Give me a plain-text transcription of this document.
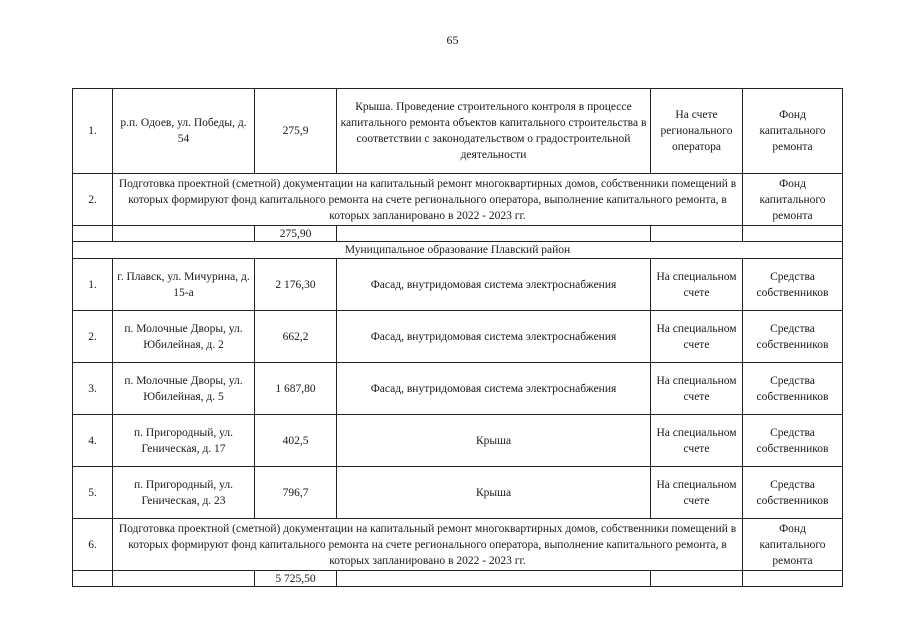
65
1.	р.п. Одоев, ул. Победы, д. 54	275,9	Крыша. Проведение строительного контроля в процессе капитального ремонта объектов капитального строительства в соответствии с законодательством о градостроительной деятельности	На счете регионального оператора	Фонд капитального ремонта
2.	Подготовка проектной (сметной) документации на капитальный ремонт многоквартирных домов, собственники помещений в которых формируют фонд капитального ремонта на счете регионального оператора, выполнение капитального ремонта, в которых запланировано в 2022 - 2023 гг.				Фонд капитального ремонта
		275,90			
Муниципальное образование Плавский район					
1.	г. Плавск, ул. Мичурина, д. 15-а	2 176,30	Фасад, внутридомовая система электроснабжения	На специальном счете	Средства собственников
2.	п. Молочные Дворы, ул. Юбилейная, д. 2	662,2	Фасад, внутридомовая система электроснабжения	На специальном счете	Средства собственников
3.	п. Молочные Дворы, ул. Юбилейная, д. 5	1 687,80	Фасад, внутридомовая система электроснабжения	На специальном счете	Средства собственников
4.	п. Пригородный, ул. Геническая, д. 17	402,5	Крыша	На специальном счете	Средства собственников
5.	п. Пригородный, ул. Геническая, д. 23	796,7	Крыша	На специальном счете	Средства собственников
6.	Подготовка проектной (сметной) документации на капитальный ремонт многоквартирных домов, собственники помещений в которых формируют фонд капитального ремонта на счете регионального оператора, выполнение капитального ремонта, в которых запланировано в 2022 - 2023 гг.				Фонд капитального ремонта
		5 725,50			
